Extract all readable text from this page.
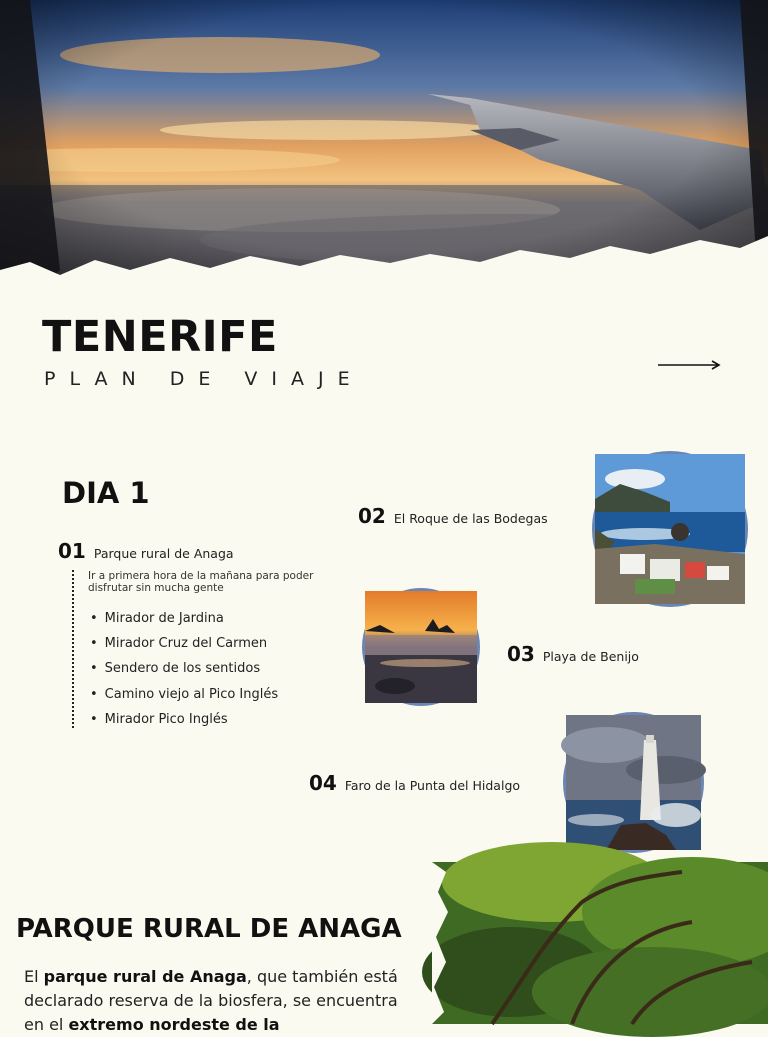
TENERIFE
PLAN DE VIAJE
DIA 1
01 Parque rural de Anaga
Ir a primera hora de la mañana para poder disfrutar sin mucha gente
• Mirador de Jardina
• Mirador Cruz del Carmen
• Sendero de los sentidos
• Camino viejo al Pico Inglés
• Mirador Pico Inglés
02 El Roque de las Bodegas
03 Playa de Benijo
04 Faro de la Punta del Hidalgo
PARQUE RURAL DE ANAGA

El parque rural de Anaga, que también está declarado reserva de la biosfera, se encuentra en el extremo nordeste de la
